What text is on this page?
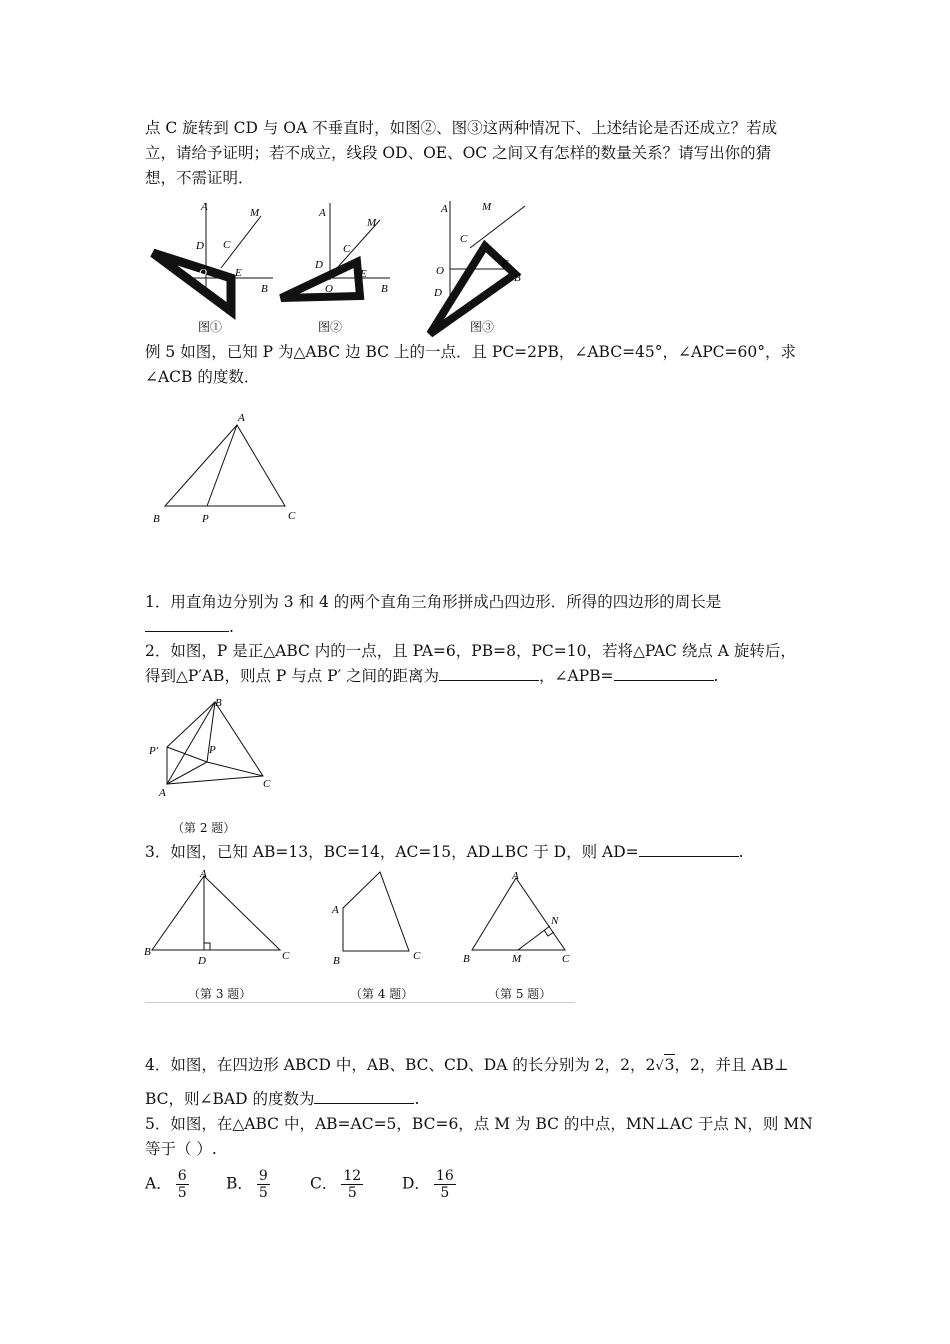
点 C 旋转到 CD 与 OA 不垂直时，如图②、图③这两种情况下、上述结论是否还成立？若成
立，请给予证明；若不成立，线段 OD、OE、OC 之间又有怎样的数量关系？请写出你的猜
想，不需证明．
A
D C
M
O	E
B
图①
A
D
C
M
O
E
B
图②
A	M
C
O
E
B
D
图③
例 5 如图，已知 P 为△ABC 边 BC 上的一点．且 PC=2PB，∠ABC=45°，∠APC=60°，求
∠ACB 的度数．
A
B	P	C
1．用直角边分别为 3 和 4 的两个直角三角形拼成凸四边形．所得的四边形的周长是
.
2．如图，P 是正△ABC 内的一点，且 PA=6，PB=8，PC=10，若将△PAC 绕点 A 旋转后，
得到△P′AB，则点 P 与点 P′ 之间的距离为	，∠APB=	.
B
P
P′
A
C
（第 2 题）
3．如图，已知 AB=13，BC=14，AC=15，AD⊥BC 于 D，则 AD=	.
A
B
D	C
A
B	C
A
N
B	M	C
（第 3 题）	（第 4 题）	（第 5 题）
4．如图，在四边形 ABCD 中，AB、BC、CD、DA 的长分别为 2，2，2√3，2，并且 AB⊥
BC，则∠BAD 的度数为	.
5．如图，在△ABC 中，AB=AC=5，BC=6，点 M 为 BC 的中点，MN⊥AC 于点 N，则 MN
等于（ ）.
A． $\frac{6}{5}$ B． $\frac{9}{5}$	C． $\frac{12}{5}$	D． $\frac{16}{5}$
